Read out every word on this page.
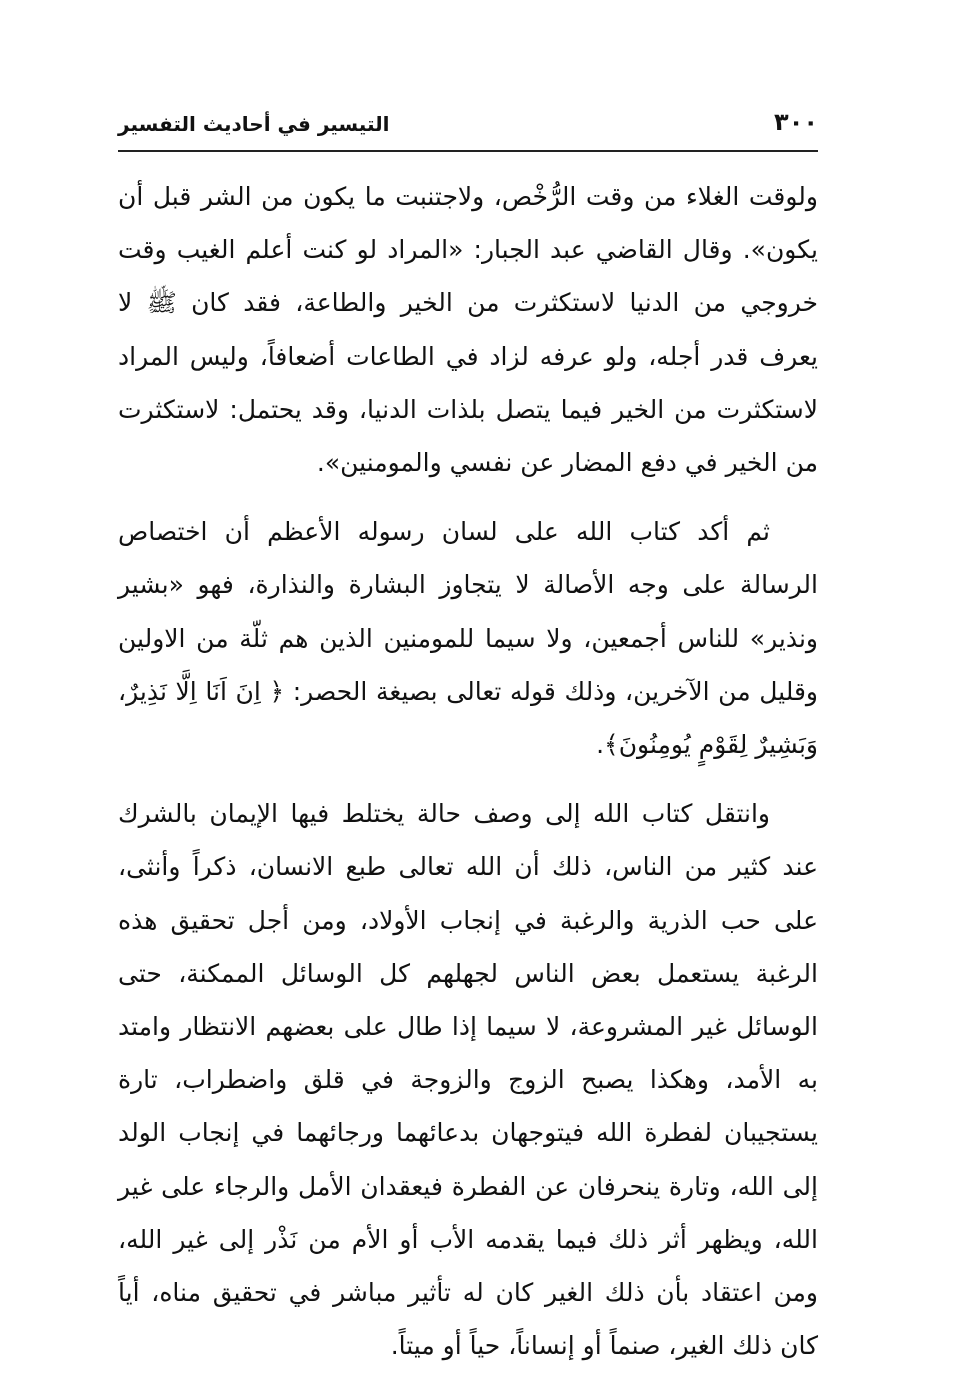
٣٠٠
التيسير في أحاديث التفسير

ولوقت الغلاء من وقت الرُّخْص، ولاجتنبت ما يكون من الشر قبل أن يكون». وقال القاضي عبد الجبار: «المراد لو كنت أعلم الغيب وقت خروجي من الدنيا لاستكثرت من الخير والطاعة، فقد كان ﷺ لا يعرف قدر أجله، ولو عرفه لزاد في الطاعات أضعافاً، وليس المراد لاستكثرت من الخير فيما يتصل بلذات الدنيا، وقد يحتمل: لاستكثرت من الخير في دفع المضار عن نفسي والمومنين».

ثم أكد كتاب الله على لسان رسوله الأعظم أن اختصاص الرسالة على وجه الأصالة لا يتجاوز البشارة والنذارة، فهو «بشير ونذير» للناس أجمعين، ولا سيما للمومنين الذين هم ثلّة من الاولين وقليل من الآخرين، وذلك قوله تعالى بصيغة الحصر: ﴿ اِنَ اَنَا اِلَّا نَذِيرٌ، وَبَشِيرٌ لِقَوْمٍ يُومِنُونَ﴾.

وانتقل كتاب الله إلى وصف حالة يختلط فيها الإيمان بالشرك عند كثير من الناس، ذلك أن الله تعالى طبع الانسان، ذكراً وأنثى، على حب الذرية والرغبة في إنجاب الأولاد، ومن أجل تحقيق هذه الرغبة يستعمل بعض الناس لجهلهم كل الوسائل الممكنة، حتى الوسائل غير المشروعة، لا سيما إذا طال على بعضهم الانتظار وامتد به الأمد، وهكذا يصبح الزوج والزوجة في قلق واضطراب، تارة يستجيبان لفطرة الله فيتوجهان بدعائهما ورجائهما في إنجاب الولد إلى الله، وتارة ينحرفان عن الفطرة فيعقدان الأمل والرجاء على غير الله، ويظهر أثر ذلك فيما يقدمه الأب أو الأم من نَذْر إلى غير الله، ومن اعتقاد بأن ذلك الغير كان له تأثير مباشر في تحقيق مناه، أياً كان ذلك الغير، صنماً أو إنساناً، حياً أو ميتاً.
